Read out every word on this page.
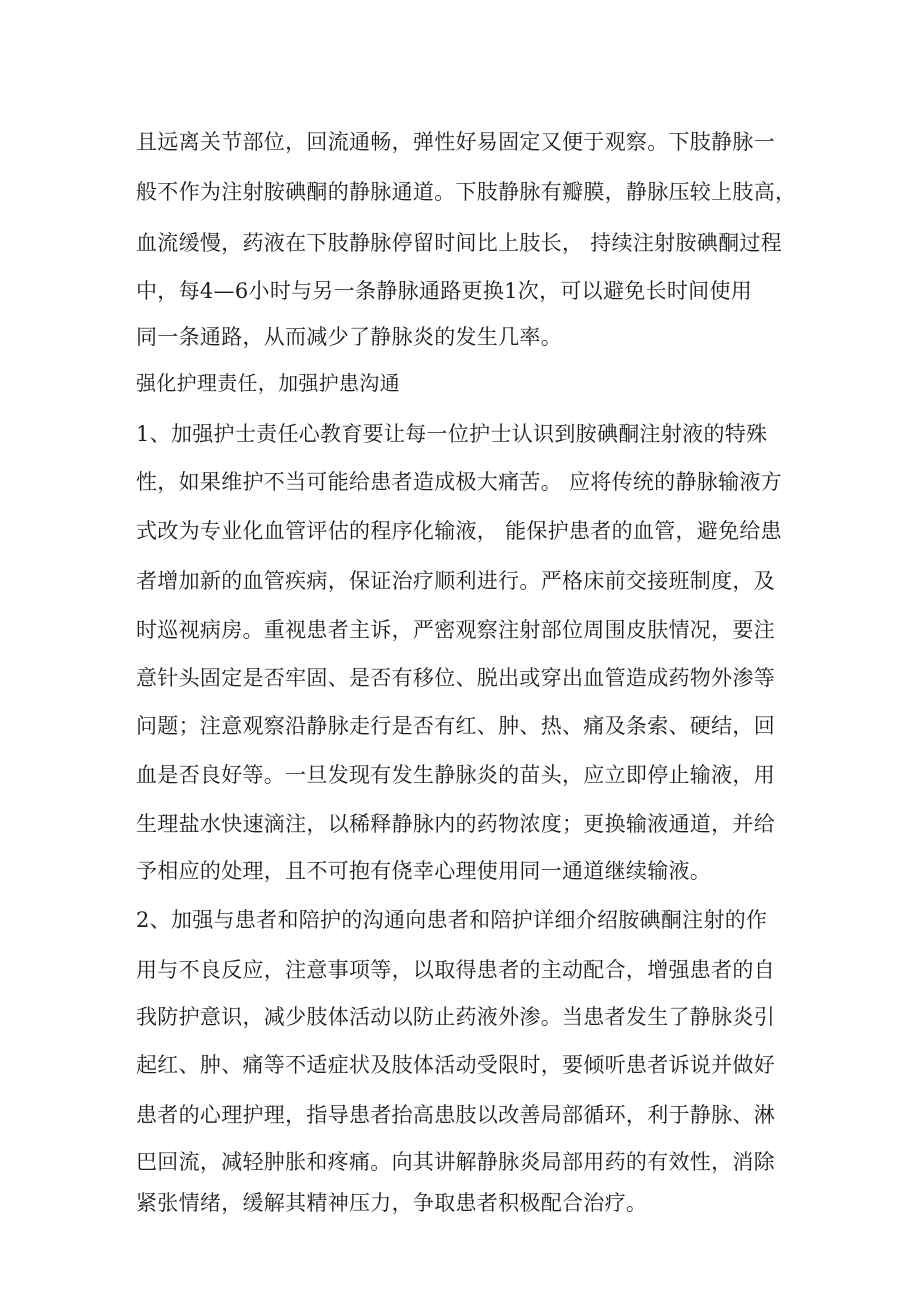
且远离关节部位，回流通畅，弹性好易固定又便于观察。下肢静脉一

般不作为注射胺碘酮的静脉通道。下肢静脉有瓣膜，静脉压较上肢高，

血流缓慢，药液在下肢静脉停留时间比上肢长， 持续注射胺碘酮过程

中，每4—6小时与另一条静脉通路更换1次，可以避免长时间使用

同一条通路，从而减少了静脉炎的发生几率。

强化护理责任，加强护患沟通

1、加强护士责任心教育要让每一位护士认识到胺碘酮注射液的特殊

性，如果维护不当可能给患者造成极大痛苦。 应将传统的静脉输液方

式改为专业化血管评估的程序化输液， 能保护患者的血管，避免给患

者增加新的血管疾病，保证治疗顺利进行。严格床前交接班制度，及

时巡视病房。重视患者主诉，严密观察注射部位周围皮肤情况，要注

意针头固定是否牢固、是否有移位、脱出或穿出血管造成药物外渗等

问题；注意观察沿静脉走行是否有红、肿、热、痛及条索、硬结，回

血是否良好等。一旦发现有发生静脉炎的苗头，应立即停止输液，用

生理盐水快速滴注，以稀释静脉内的药物浓度；更换输液通道，并给

予相应的处理，且不可抱有侥幸心理使用同一通道继续输液。

2、加强与患者和陪护的沟通向患者和陪护详细介绍胺碘酮注射的作

用与不良反应，注意事项等，以取得患者的主动配合，增强患者的自

我防护意识，减少肢体活动以防止药液外渗。当患者发生了静脉炎引

起红、肿、痛等不适症状及肢体活动受限时，要倾听患者诉说并做好

患者的心理护理，指导患者抬高患肢以改善局部循环，利于静脉、淋

巴回流，减轻肿胀和疼痛。向其讲解静脉炎局部用药的有效性，消除

紧张情绪，缓解其精神压力，争取患者积极配合治疗。
